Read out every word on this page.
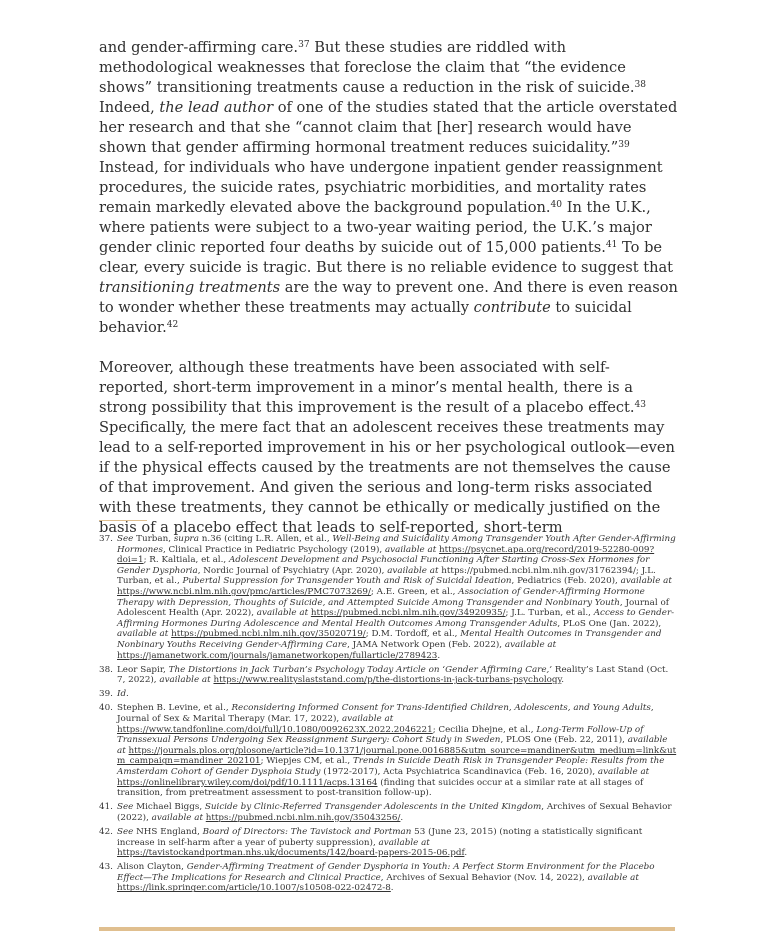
and gender-affirming care.$^{37}$ But these studies are riddled with methodological weaknesses that foreclose the claim that “the evidence shows” transitioning treatments cause a reduction in the risk of suicide.$^{38}$ Indeed, the lead author of one of the studies stated that the article overstated her research and that she “cannot claim that [her] research would have shown that gender affirming hormonal treatment reduces suicidality.”$^{39}$ Instead, for individuals who have undergone inpatient gender reassignment procedures, the suicide rates, psychiatric morbidities, and mortality rates remain markedly elevated above the background population.$^{40}$ In the U.K., where patients were subject to a two-year waiting period, the U.K.’s major gender clinic reported four deaths by suicide out of 15,000 patients.$^{41}$ To be clear, every suicide is tragic. But there is no reliable evidence to suggest that transitioning treatments are the way to prevent one. And there is even reason to wonder whether these treatments may actually contribute to suicidal behavior.$^{42}$

Moreover, although these treatments have been associated with self-reported, short-term improvement in a minor’s mental health, there is a strong possibility that this improvement is the result of a placebo effect.$^{43}$ Specifically, the mere fact that an adolescent receives these treatments may lead to a self-reported improvement in his or her psychological outlook—even if the physical effects caused by the treatments are not themselves the cause of that improvement. And given the serious and long-term risks associated with these treatments, they cannot be ethically or medically justified on the basis of a placebo effect that leads to self-reported, short-term

37. See Turban, supra n.36 (citing L.R. Allen, et al., Well-Being and Suicidality Among Transgender Youth After Gender-Affirming Hormones, Clinical Practice in Pediatric Psychology (2019), available at https://psycnet.apa.org/record/2019-52280-009?doi=1; R. Kaltiala, et al., Adolescent Development and Psychosocial Functioning After Starting Cross-Sex Hormones for Gender Dysphoria, Nordic Journal of Psychiatry (Apr. 2020), available at https://pubmed.ncbi.nlm.nih.gov/31762394/; J.L. Turban, et al., Pubertal Suppression for Transgender Youth and Risk of Suicidal Ideation, Pediatrics (Feb. 2020), available at https://www.ncbi.nlm.nih.gov/pmc/articles/PMC7073269/; A.E. Green, et al., Association of Gender-Affirming Hormone Therapy with Depression, Thoughts of Suicide, and Attempted Suicide Among Transgender and Nonbinary Youth, Journal of Adolescent Health (Apr. 2022), available at https://pubmed.ncbi.nlm.nih.gov/34920935/; J.L. Turban, et al., Access to Gender-Affirming Hormones During Adolescence and Mental Health Outcomes Among Transgender Adults, PLoS One (Jan. 2022), available at https://pubmed.ncbi.nlm.nih.gov/35020719/; D.M. Tordoff, et al., Mental Health Outcomes in Transgender and Nonbinary Youths Receiving Gender-Affirming Care, JAMA Network Open (Feb. 2022), available at https://jamanetwork.com/journals/jamanetworkopen/fullarticle/2789423.
38. Leor Sapir, The Distortions in Jack Turban’s Psychology Today Article on ‘Gender Affirming Care,’ Reality’s Last Stand (Oct. 7, 2022), available at https://www.realityslaststand.com/p/the-distortions-in-jack-turbans-psychology.
39. Id.
40. Stephen B. Levine, et al., Reconsidering Informed Consent for Trans-Identified Children, Adolescents, and Young Adults, Journal of Sex & Marital Therapy (Mar. 17, 2022), available at https://www.tandfonline.com/doi/full/10.1080/0092623X.2022.2046221; Cecilia Dhejne, et al., Long-Term Follow-Up of Transsexual Persons Undergoing Sex Reassignment Surgery: Cohort Study in Sweden, PLOS One (Feb. 22, 2011), available at https://journals.plos.org/plosone/article?id=10.1371/journal.pone.0016885&utm_source=mandiner&utm_medium=link&utm_campaign=mandiner_202101; Wiepjes CM, et al., Trends in Suicide Death Risk in Transgender People: Results from the Amsterdam Cohort of Gender Dysphoia Study (1972-2017), Acta Psychiatrica Scandinavica (Feb. 16, 2020), available at https://onlinelibrary.wiley.com/doi/pdf/10.1111/acps.13164 (finding that suicides occur at a similar rate at all stages of transition, from pretreatment assessment to post-transition follow-up).
41. See Michael Biggs, Suicide by Clinic-Referred Transgender Adolescents in the United Kingdom, Archives of Sexual Behavior (2022), available at https://pubmed.ncbi.nlm.nih.gov/35043256/.
42. See NHS England, Board of Directors: The Tavistock and Portman 53 (June 23, 2015) (noting a statistically significant increase in self-harm after a year of puberty suppression), available at https://tavistockandportman.nhs.uk/documents/142/board-papers-2015-06.pdf.
43. Alison Clayton, Gender-Affirming Treatment of Gender Dysphoria in Youth: A Perfect Storm Environment for the Placebo Effect—The Implications for Research and Clinical Practice, Archives of Sexual Behavior (Nov. 14, 2022), available at https://link.springer.com/article/10.1007/s10508-022-02472-8.
